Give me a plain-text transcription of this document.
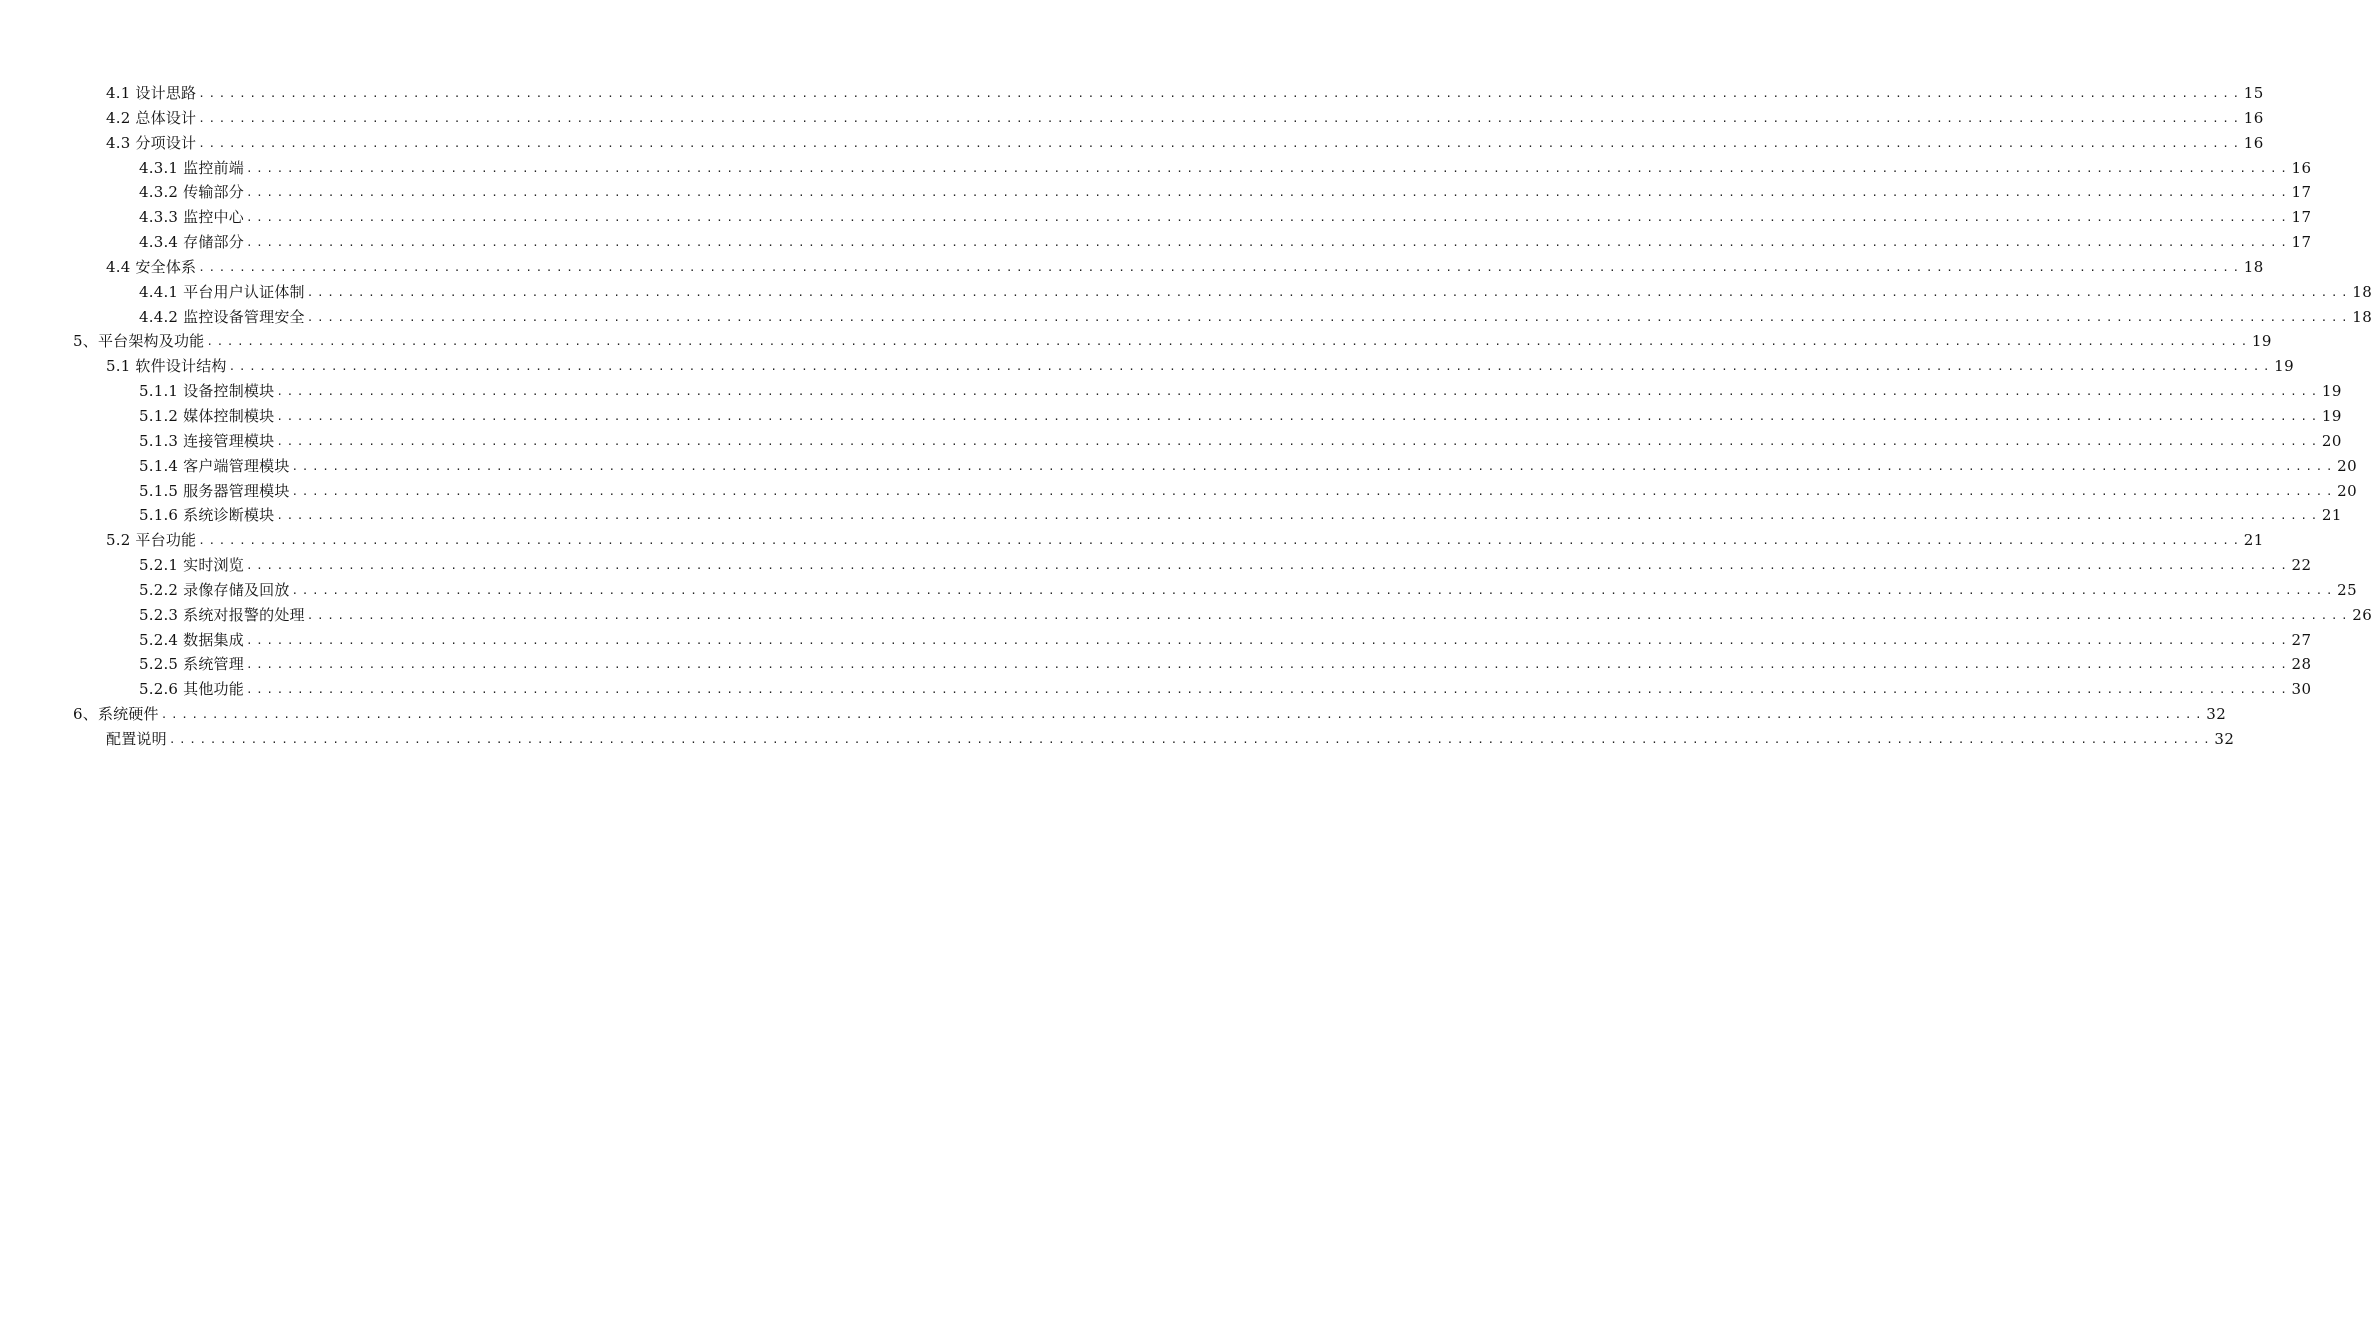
4.1 设计思路 ........................................................................................................................................................................................................ 15
4.2 总体设计 ........................................................................................................................................................................................................ 16
4.3 分项设计 ........................................................................................................................................................................................................ 16
4.3.1 监控前端 ........................................................................................................................................................................................................ 16
4.3.2 传输部分 ........................................................................................................................................................................................................ 17
4.3.3 监控中心 ........................................................................................................................................................................................................ 17
4.3.4 存储部分 ........................................................................................................................................................................................................ 17
4.4 安全体系 ........................................................................................................................................................................................................ 18
4.4.1 平台用户认证体制 ........................................................................................................................................................................................................ 18
4.4.2 监控设备管理安全 ........................................................................................................................................................................................................ 18
5、平台架构及功能 ........................................................................................................................................................................................................ 19
5.1 软件设计结构 ........................................................................................................................................................................................................ 19
5.1.1 设备控制模块 ........................................................................................................................................................................................................ 19
5.1.2 媒体控制模块 ........................................................................................................................................................................................................ 19
5.1.3 连接管理模块 ........................................................................................................................................................................................................ 20
5.1.4 客户端管理模块 ........................................................................................................................................................................................................ 20
5.1.5 服务器管理模块 ........................................................................................................................................................................................................ 20
5.1.6 系统诊断模块 ........................................................................................................................................................................................................ 21
5.2 平台功能 ........................................................................................................................................................................................................ 21
5.2.1 实时浏览 ........................................................................................................................................................................................................ 22
5.2.2 录像存储及回放 ........................................................................................................................................................................................................ 25
5.2.3 系统对报警的处理 ........................................................................................................................................................................................................ 26
5.2.4 数据集成 ........................................................................................................................................................................................................ 27
5.2.5 系统管理 ........................................................................................................................................................................................................ 28
5.2.6 其他功能 ........................................................................................................................................................................................................ 30
6、系统硬件 ........................................................................................................................................................................................................ 32
配置说明 ........................................................................................................................................................................................................ 32
